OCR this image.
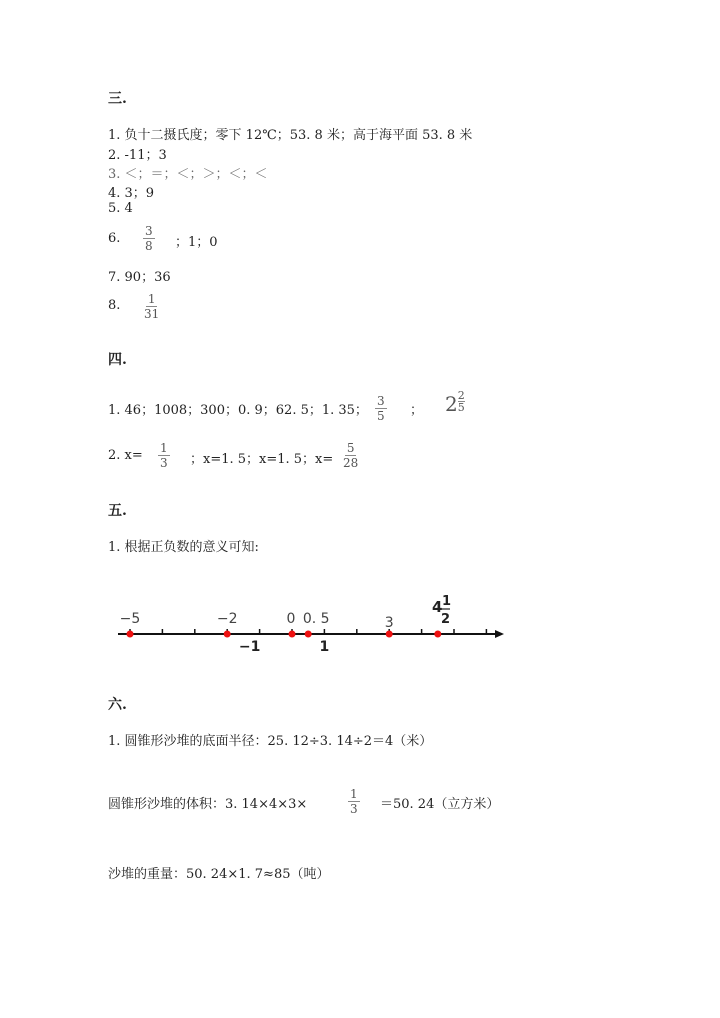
三.
1. 负十二摄氏度；零下 12℃；53. 8 米；高于海平面 53. 8 米
2. -11；3
3. ＜；＝；＜；＞；＜；＜
4. 3；9
5. 4
6. $\frac{3}{8}$ ；1；0
7. 90；36
8. $\frac{1}{31}$
四.
1. 46；1008；300；0. 9；62. 5；1. 35； $\frac{3}{5}$ ； $2 \frac{2}{5}$
2. $x= \frac{1}{3}$ ；x=1. 5；x=1. 5；$x= \frac{5}{28}$
五.
1. 根据正负数的意义可知:
−5	−2	0 0. 5	3
−1	1
4 1
2
六.
1. 圆锥形沙堆的底面半径：25. 12÷3. 14÷2＝4（米）
圆锥形沙堆的体积：3. 14×4×3×	$\frac{1}{3} =50$. 24（立方米）
沙堆的重量：50. 24×1. 7≈85（吨）
